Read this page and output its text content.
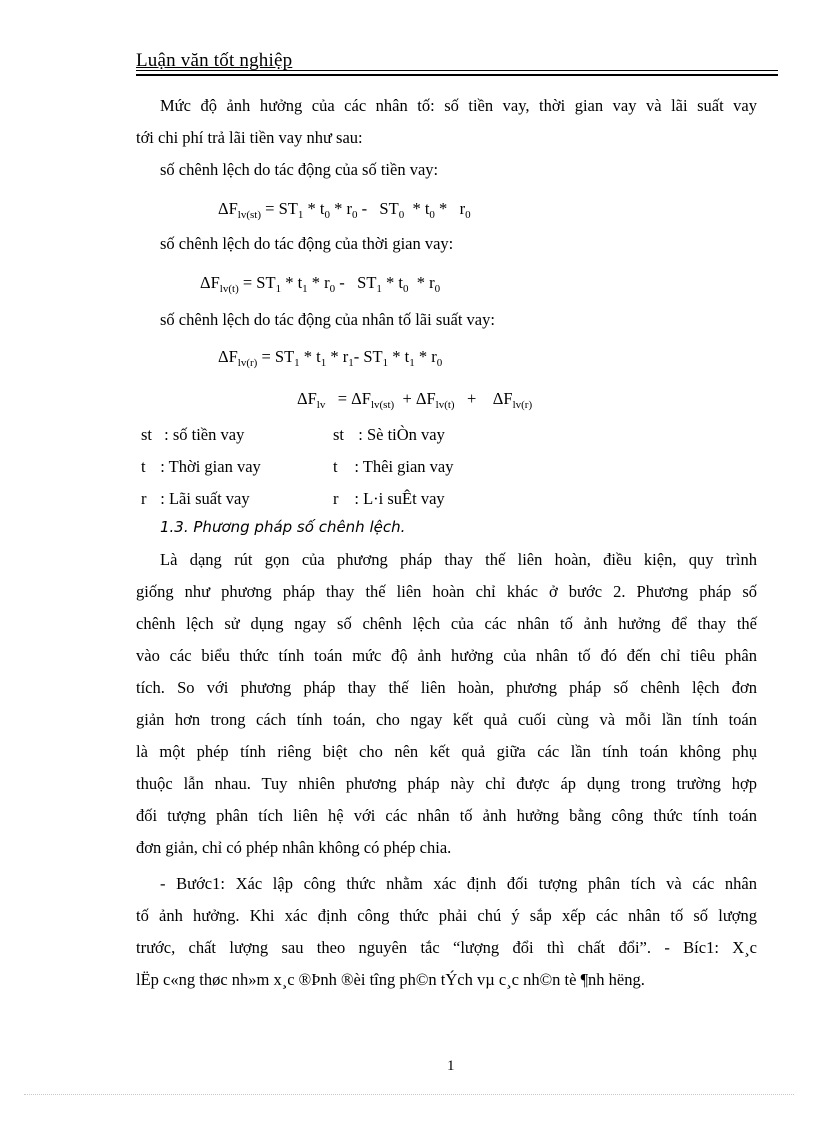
Luận văn tốt nghiệp
Mức độ ảnh hưởng của các nhân tố: số tiền vay, thời gian vay và lãi suất vay
tới chi phí trả lãi tiền vay như sau:
số chênh lệch do tác động của số tiền vay:
$\Delta F_{lv(st)} = ST_1 * t_0 * r_0 - ST_0 * t_0 * r_0$
số chênh lệch do tác động của thời gian vay:
$\Delta F_{lv(t)} = ST_1 * t_1 * r_0 - ST_1 * t_0 * r_0$
số chênh lệch do tác động của nhân tố lãi suất vay:
$\Delta F_{lv(r)} = ST_1 * t_1 * r_1-$ $ST_1 * t_1 * r_0$
$\Delta F_{lv} = \Delta F_{lv(st)} + \Delta F_{lv(t)}$   +    $\Delta F_{lv(r)}$
st : số tiền vay	st : Sè tiÒn vay
t : Thời gian vay	t : Thêi gian vay
r : Lãi suất vay	r : L·i suÊt vay
1.3. Phương pháp số chênh lệch.
Là dạng rút gọn của phương pháp thay thế liên hoàn, điều kiện, quy trình
giống như phương pháp thay thế liên hoàn chỉ khác ở bước 2. Phương pháp số
chênh lệch sử dụng ngay số chênh lệch của các nhân tố ảnh hưởng để thay thế
vào các biểu thức tính toán mức độ ảnh hưởng của nhân tố đó đến chỉ tiêu phân
tích. So với phương pháp thay thế liên hoàn, phương pháp số chênh lệch đơn
giản hơn trong cách tính toán, cho ngay kết quả cuối cùng và mỗi lần tính toán
là một phép tính riêng biệt cho nên kết quả giữa các lần tính toán không phụ
thuộc lẫn nhau. Tuy nhiên phương pháp này chỉ được áp dụng trong trường hợp
đối tượng phân tích liên hệ với các nhân tố ảnh hưởng bằng công thức tính toán
đơn giản, chỉ có phép nhân không có phép chia.
- Bước1: Xác lập công thức nhằm xác định đối tượng phân tích và các nhân
tố ảnh hưởng. Khi xác định công thức phải chú ý sắp xếp các nhân tố số lượng
trước, chất lượng sau theo nguyên tắc “lượng đổi thì chất đổi”. - Bíc1: X¸c
lËp c«ng thøc nh»m x¸c ®Þnh ®èi tîng ph©n tÝch vµ c¸c nh©n tè ¶nh hëng.
1
